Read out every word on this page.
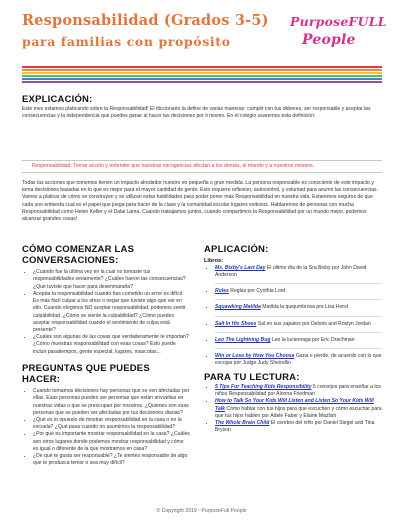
Responsabilidad (Grados 3-5)
para familias con propósito
PurposeFULL
People
EXPLICACIÓN:

Este mes estamos platicando sobre la Responsabilidad! El diccionario la define de varias maneras: cumplir con tus deberes, ser responsable y aceptar las consecuencias y la independencia que puedes ganar al hacer las decisiones por ti mismo. En el colegio usaremos esta definición:

Responsabilidad: Tomar acción y entender que nuestras escogencias afectan a los demás, al mundo y a nuestros mismos.

Todas las acciones que tomemos tienen un impacto alrededor nuestro en pequeña o gran medida. La persona responsable es consciente de este impacto y toma decisiones basadas en lo que es mejor para el mayor cantidad de gente. Esto requiere reflexion, autocontrol, y voluntad para asumir las consecuencias. Vamos a platicar de cómo se construyen y se utilizan estas habilidades para poder poner más Responsabilidad en nuestra vida. Estaremos seguros de que cada uno entienda cual es el papel que juega para hacer de la clase y la comunidad escolar lugares exitosos. Hablaremos de personas con mucha Responsabilidad como Helen Keller y el Dalai Lama. Cuando trabajamos juntos, cuando compartimos la Responsabilidad por un mundo mejor, podemos alcanzar grandes cosas!

CÓMO COMENZAR LAS CONVERSACIONES:
• ¿Cuándo fue la última vez en la cual no tomaste tus responsabilidades seriamente? ¿Cuáles fueron las consecuencias?¿Qué tuviste que hacer para desenmararla?
• Aceptar la responsabilidad cuando has cometido un error es difícil. Es más fácil culpar a los otros o negar que tuviste algo que ver en ello. Cuando elegimos NO aceptar responsabilidad, podemos sentir culpabilidad. ¿Cómo se siente la culpabilidad? ¿Cómo puedes aceptar responsabilidad cuando el sentimiento de culpa está presente?
• ¿Cuáles son algunas de las cosas que verdaderamente te importan? ¿Cómo muestras responsabilidad con esas cosas? Esto puede incluir pasatiempos, gente especial, lugares, mascotas...
PREGUNTAS QUE PUEDES HACER:
• Cuando tomamos decisiones hay personas que se ven afectadas por ellas. Esas personas pueden ser personas que están envueltas en nuestras vidas o que se preocupan por nosotros. ¿Quienes son esas personas que se pueden ver afectadas por tus decisiones diarias?
• ¿Qué es lo opuesto de mostrar responsabilidad en la casa o en la escuela? ¿Qué pasa cuando no asumimos la responsabilidad?
• ¿Por qué es importante mostrar responsabilidad en la casa? ¿Cuáles son otros lugares donde podemos mostrar responsabilidad y cómo es igual o diferente de la que mostramos en casa?
• ¿De qué te gusta ser responsable? ¿Te sientes responsable de algo que te produzca temor o sea muy difícil?
APLICACIÓN:
Libros:
• Ms. Bixby's Last Day El último día de la Sra.Bixby por John David Anderson
• Rules Reglas por Cynthia Lord
• Squawking Matilda Matilda la quejumbrosa por Lisa Horst
• Salt In His Shoes Sal en sus zapatos por Deloris and Roslyn Jordan
• Leo The Lightning Bug Leo la luciernaga por Eric Drachman
• Win or Lose by How You Choose Gana o pierde, de acuerdo con lo que escojas por Judge Judy Sheindlin
PARA TU LECTURA:
• 5 Tips For Teaching Kids Responsibility 5 consejos para enseñar a los niños Responsabilidad por Alonna Friedman
• How to Talk So Your Kids Will Listen and Listen So Your Kids Will Talk Cómo hablar con tus hijos para que escuchen y cómo escuchar para que tus hijos hablen por Adele Faber y Elaine Mazlish
• The Whole Brain Child El cerebro del niño por Daniel Siegel and Tina Bryson
© Copyright 2019 - PurposeFull People
